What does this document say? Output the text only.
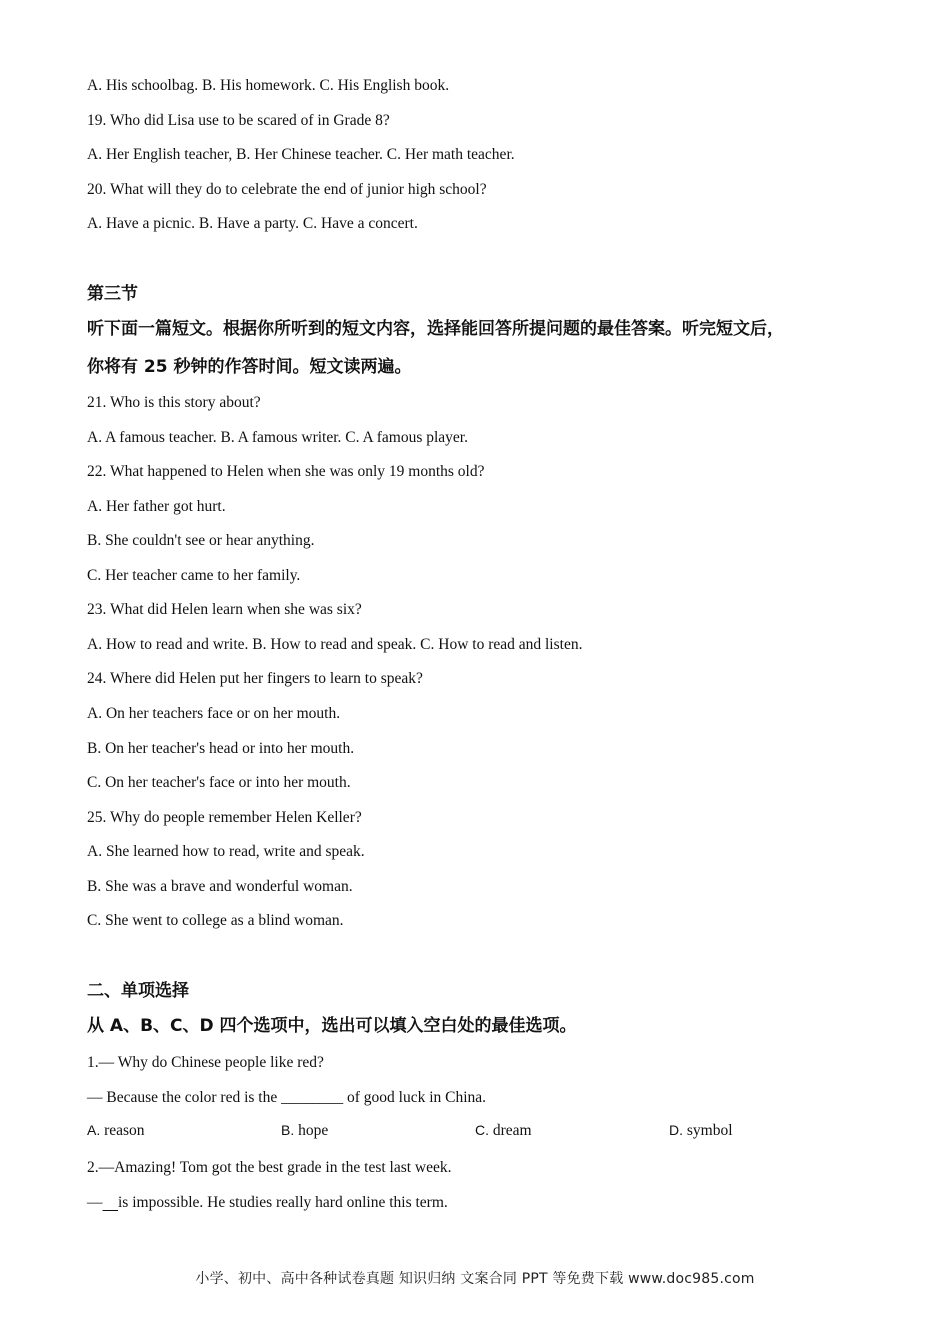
A. His schoolbag. B. His homework. C. His English book.
19. Who did Lisa use to be scared of in Grade 8?
A. Her English teacher, B. Her Chinese teacher. C. Her math teacher.
20. What will they do to celebrate the end of junior high school?
A. Have a picnic. B. Have a party. C. Have a concert.
第三节
听下面一篇短文。根据你所听到的短文内容，选择能回答所提问题的最佳答案。听完短文后，
你将有 25 秒钟的作答时间。短文读两遍。
21. Who is this story about?
A. A famous teacher. B. A famous writer. C. A famous player.
22. What happened to Helen when she was only 19 months old?
A. Her father got hurt.
B. She couldn't see or hear anything.
C. Her teacher came to her family.
23. What did Helen learn when she was six?
A. How to read and write. B. How to read and speak. C. How to read and listen.
24. Where did Helen put her fingers to learn to speak?
A. On her teachers face or on her mouth.
B. On her teacher's head or into her mouth.
C. On her teacher's face or into her mouth.
25. Why do people remember Helen Keller?
A. She learned how to read, write and speak.
B. She was a brave and wonderful woman.
C. She went to college as a blind woman.
二、单项选择
从 A、B、C、D 四个选项中，选出可以填入空白处的最佳选项。
1.— Why do Chinese people like red?
— Because the color red is the ________ of good luck in China.
A. reason	B. hope	C. dream	D. symbol
2.—Amazing! Tom got the best grade in the test last week.
— is impossible. He studies really hard online this term.
小学、初中、高中各种试卷真题 知识归纳 文案合同 PPT 等免费下载 www.doc985.com
